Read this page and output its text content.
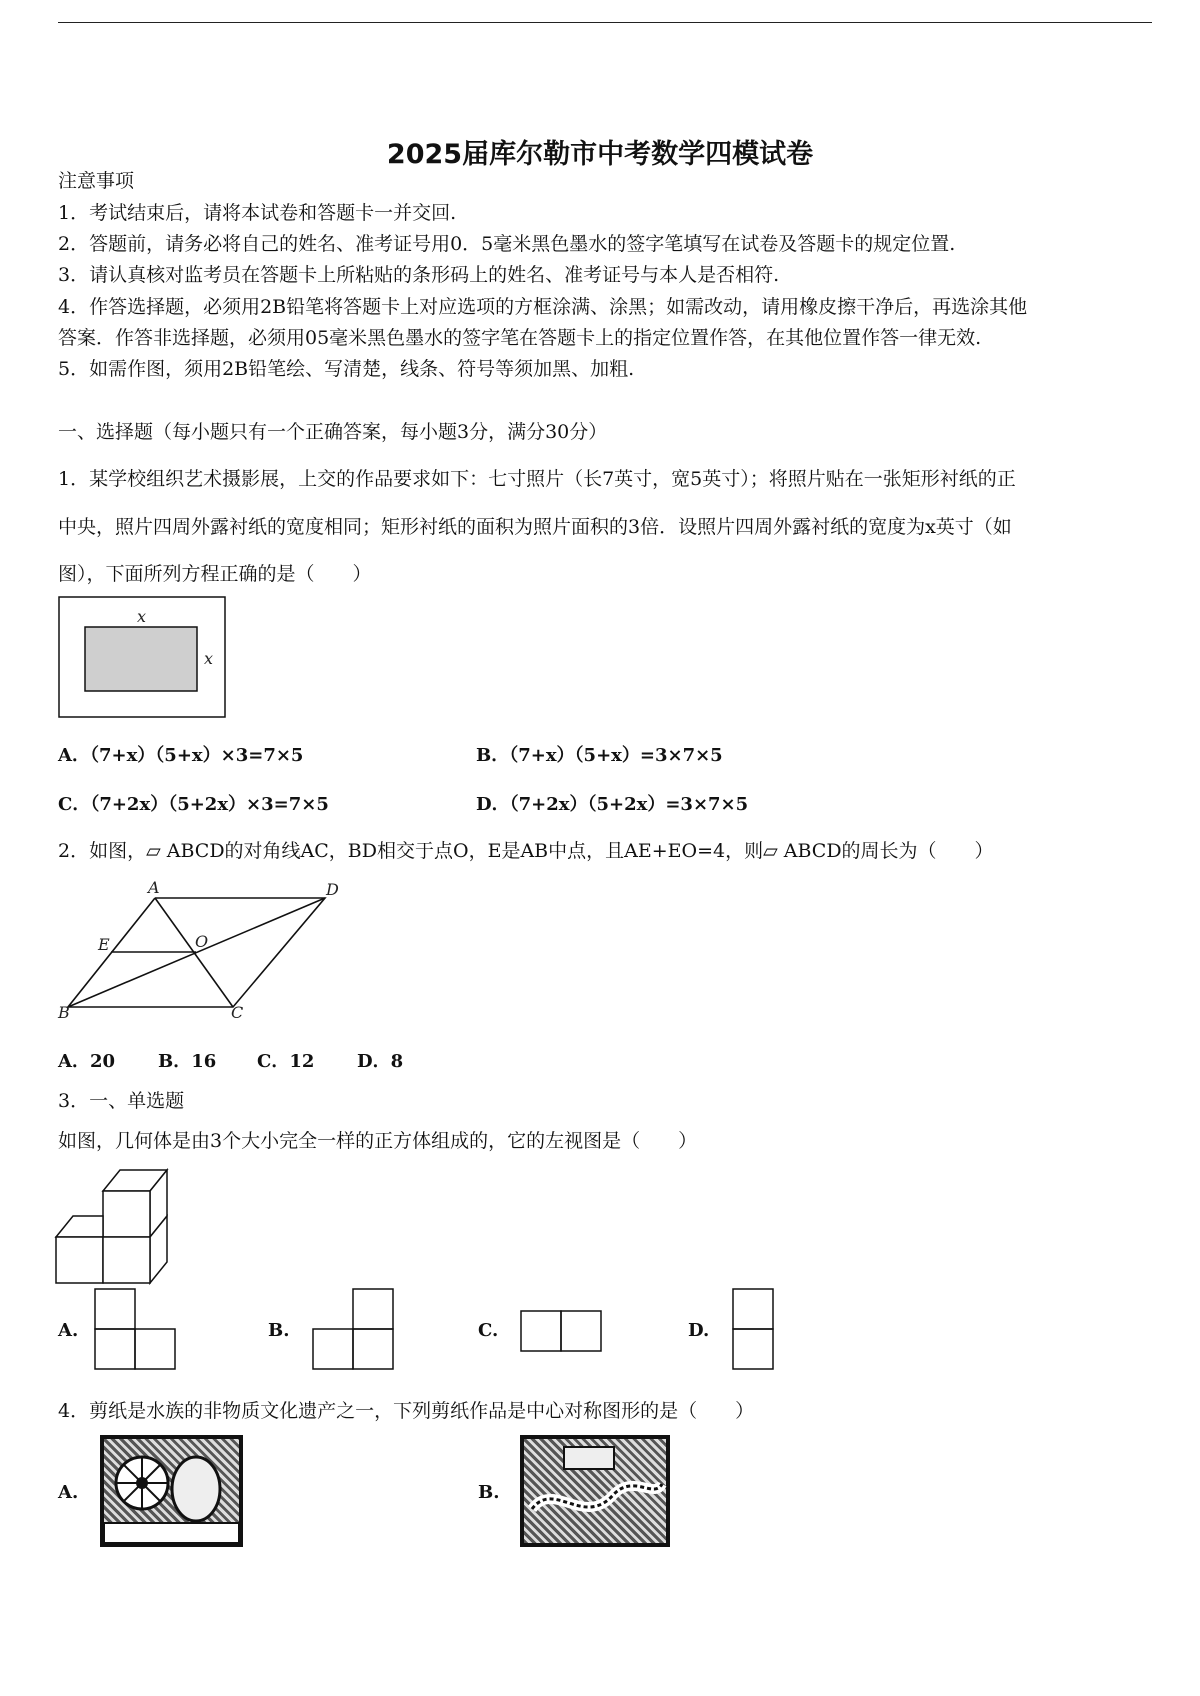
2025届库尔勒市中考数学四模试卷
注意事项
1．考试结束后，请将本试卷和答题卡一并交回.
2．答题前，请务必将自己的姓名、准考证号用0．5毫米黑色墨水的签字笔填写在试卷及答题卡的规定位置.
3．请认真核对监考员在答题卡上所粘贴的条形码上的姓名、准考证号与本人是否相符.
4．作答选择题，必须用2B铅笔将答题卡上对应选项的方框涂满、涂黑；如需改动，请用橡皮擦干净后，再选涂其他
答案．作答非选择题，必须用05毫米黑色墨水的签字笔在答题卡上的指定位置作答，在其他位置作答一律无效.
5．如需作图，须用2B铅笔绘、写清楚，线条、符号等须加黑、加粗.
一、选择题（每小题只有一个正确答案，每小题3分，满分30分）
1．某学校组织艺术摄影展，上交的作品要求如下：七寸照片（长7英寸，宽5英寸）；将照片贴在一张矩形衬纸的正
中央，照片四周外露衬纸的宽度相同；矩形衬纸的面积为照片面积的3倍．设照片四周外露衬纸的宽度为x英寸（如
图），下面所列方程正确的是（　　）
x
x
A．（7+x）（5+x）×3=7×5	B．（7+x）（5+x）=3×7×5
C．（7+2x）（5+2x）×3=7×5	D．（7+2x）（5+2x）=3×7×5
2．如图，▱ ABCD的对角线AC，BD相交于点O，E是AB中点，且AE+EO=4，则▱ ABCD的周长为（　　）
A	D
E	O
B	C
A．20 B．16 C．12 D．8
3．一、单选题
如图，几何体是由3个大小完全一样的正方体组成的，它的左视图是（　　）
A.	B.	C.	D.
4．剪纸是水族的非物质文化遗产之一，下列剪纸作品是中心对称图形的是（　　）
A.	B.
